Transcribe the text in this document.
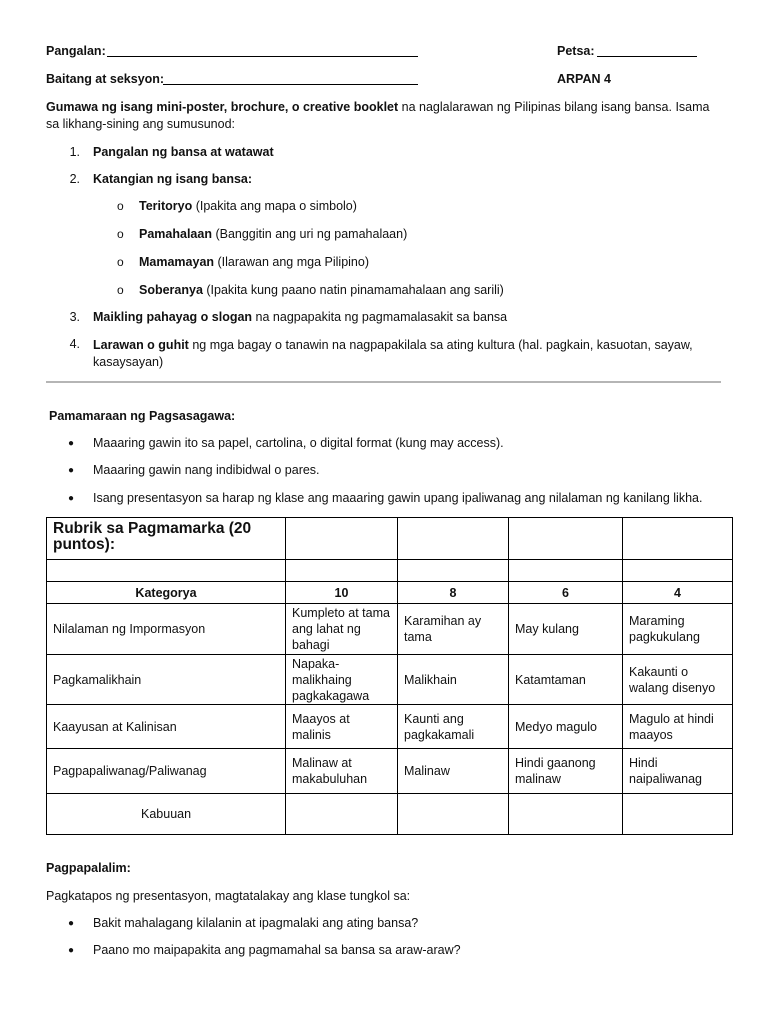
Pangalan:	Petsa:
Baitang at seksyon:	ARPAN 4
Gumawa ng isang mini-poster, brochure, o creative booklet na naglalarawan ng Pilipinas bilang isang bansa. Isama
sa likhang-sining ang sumusunod:
1. Pangalan ng bansa at watawat
2. Katangian ng isang bansa:
o Teritoryo (Ipakita ang mapa o simbolo)
o Pamahalaan (Banggitin ang uri ng pamahalaan)
o Mamamayan (Ilarawan ang mga Pilipino)
o Soberanya (Ipakita kung paano natin pinamamahalaan ang sarili)
3. Maikling pahayag o slogan na nagpapakita ng pagmamalasakit sa bansa
4. Larawan o guhit ng mga bagay o tanawin na nagpapakilala sa ating kultura (hal. pagkain, kasuotan, sayaw,
kasaysayan)
Pamamaraan ng Pagsasagawa:
● Maaaring gawin ito sa papel, cartolina, o digital format (kung may access).
● Maaaring gawin nang indibidwal o pares.
● Isang presentasyon sa harap ng klase ang maaaring gawin upang ipaliwanag ang nilalaman ng kanilang likha.
Rubrik sa Pagmamarka (20 puntos):				

Kategorya	10	8	6	4
Nilalaman ng Impormasyon	Kumpleto at tama ang lahat ng bahagi	Karamihan ay tama	May kulang	Maraming pagkukulang
Pagkamalikhain	Napaka-malikhaing pagkakagawa	Malikhain	Katamtaman	Kakaunti o walang disenyo
Kaayusan at Kalinisan	Maayos at malinis	Kaunti ang pagkakamali	Medyo magulo	Magulo at hindi maayos
Pagpapaliwanag/Paliwanag	Malinaw at makabuluhan	Malinaw	Hindi gaanong malinaw	Hindi naipaliwanag
Kabuuan				
Pagpapalalim:
Pagkatapos ng presentasyon, magtatalakay ang klase tungkol sa:
● Bakit mahalagang kilalanin at ipagmalaki ang ating bansa?
● Paano mo maipapakita ang pagmamahal sa bansa sa araw-araw?
